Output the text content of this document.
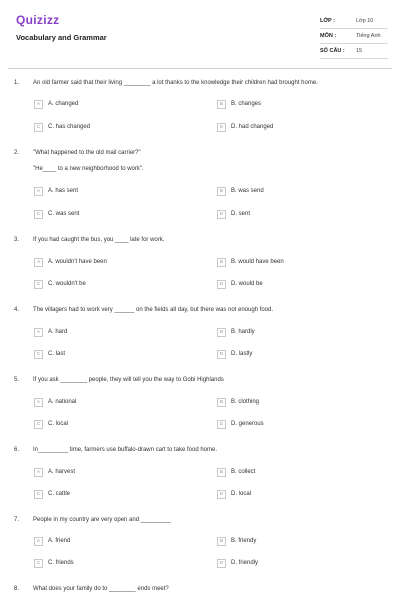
Quizizz
Vocabulary and Grammar
LỚP :	Lớp 10
MÔN :	Tiếng Anh
SỐ CÂU :	15
1. An old farmer said that their living ________ a lot thanks to the knowledge their children had brought home.
A	A. changed	B	B. changes
C	C. has changed	D	D. had changed
2. "What happened to the old mail carrier?"
"He____ to a new neighborhood to work".
A	A. has sent	B	B. was send
C	C. was sent	D	D. sent
3. If you had caught the bus, you ____ late for work.
A	A. wouldn't have been	B	B. would have been
C	C. wouldn't be	D	D. would be
4. The villagers had to work very ______ on the fields all day, but there was not enough food.
A	A. hard	B	B. hardly
C	C. last	D	D. lastly
5. If you ask ________ people, they will tell you the way to Gobi Highlands
A	A. national	B	B. clothing
C	C. local	D	D. generous
6. In_________ time, farmers use buffalo-drawn cart to take food home.
A	A. harvest	B	B. collect
C	C. cattle	D	D. local
7. People in my country are very open and _________
A	A. friend	B	B. friendy
C	C. friends	D	D. friendly
8. What does your family do to ________ ends meet?
